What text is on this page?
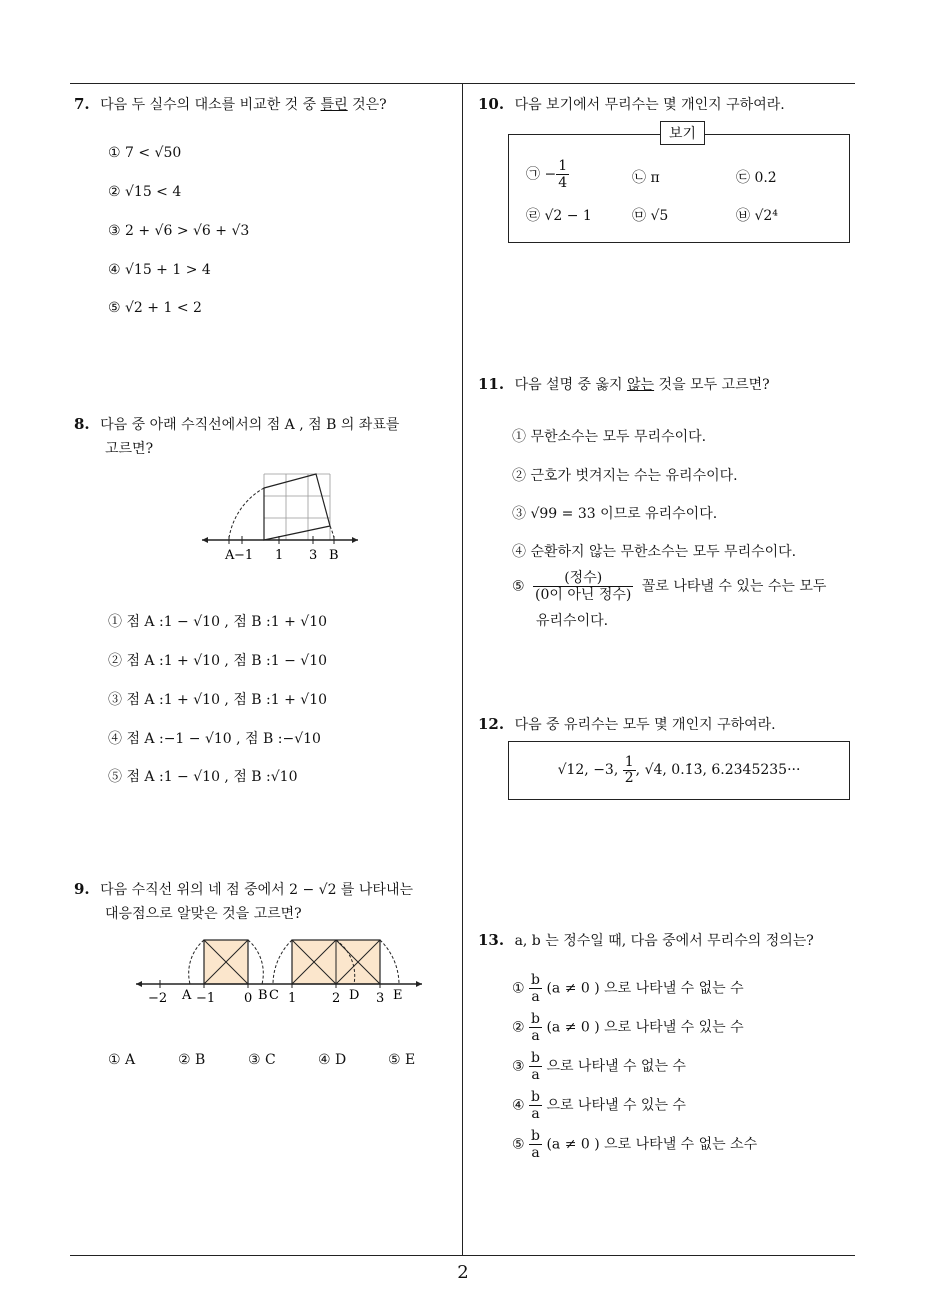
7. 다음 두 실수의 대소를 비교한 것 중 틀린 것은?
① 7 < √50
② √15 < 4
③ 2 + √6 > √6 + √3
④ √15 + 1 > 4
⑤ √2 + 1 < 2
8. 다음 중 아래 수직선에서의 점 A , 점 B 의 좌표를
고르면?
A −1 1 3 B
① 점 A :1 − √10 , 점 B :1 + √10
② 점 A :1 + √10 , 점 B :1 − √10
③ 점 A :1 + √10 , 점 B :1 + √10
④ 점 A :−1 − √10 , 점 B :−√10
⑤ 점 A :1 − √10 , 점 B :√10
9. 다음 수직선 위의 네 점 중에서 2 − √2 를 나타내는
대응점으로 알맞은 것을 고르면?
−2 A −1 0 B C 1	2 D 3 E
① A	② B	③ C	④ D	⑤ E
10. 다음 보기에서 무리수는 몇 개인지 구하여라.
보기
㉠ − $\frac{1}{4}$	㉡ π	㉢ 0.2̇
㉣ √2 − 1	㉤ √5	㉥ √2⁴
11. 다음 설명 중 옳지 않는 것을 모두 고르면?
① 무한소수는 모두 무리수이다.
② 근호가 벗겨지는 수는 유리수이다.
③ √99 = 33 이므로 유리수이다.
④ 순환하지 않는 무한소수는 모두 무리수이다.
⑤ $\frac{\text{(정수)}}{\text{(0이 아닌 정수)}}$ 꼴로 나타낼 수 있는 수는 모두
유리수이다.
12. 다음 중 유리수는 모두 몇 개인지 구하여라.
√12, −3, $\frac{1}{2}$ , √4, 0.1̇3̇, 6.2345235···
13. a, b 는 정수일 때, 다음 중에서 무리수의 정의는?
① $\frac{b}{a} (a \ne 0$ ) 으로 나타낼 수 없는 수
② $\frac{b}{a} (a \ne 0$ ) 으로 나타낼 수 있는 수
③ $\frac{b}{a}$ 으로 나타낼 수 없는 수
④ $\frac{b}{a}$ 으로 나타낼 수 있는 수
⑤ $\frac{b}{a} (a \ne 0$ ) 으로 나타낼 수 없는 소수
2
